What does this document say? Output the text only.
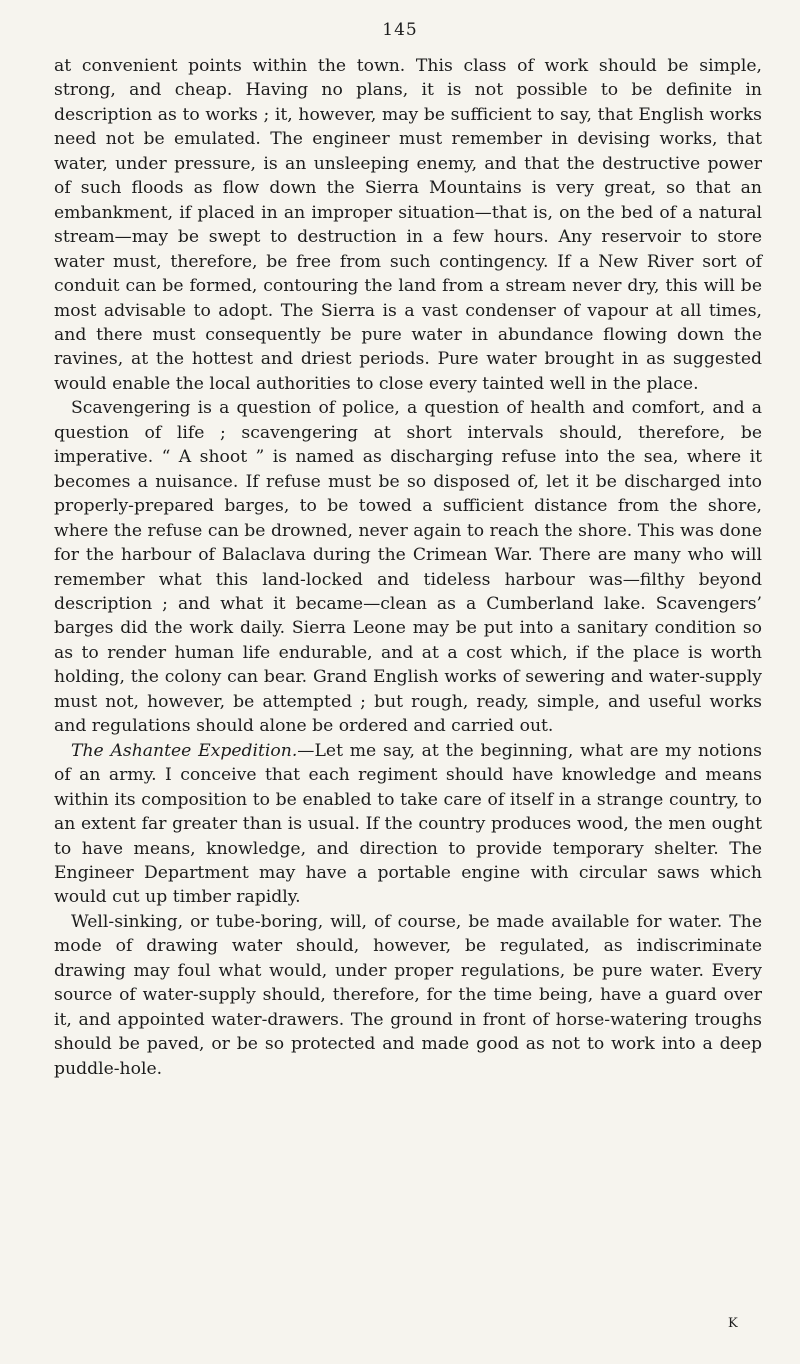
145

at convenient points within the town. This class of work should be simple, strong, and cheap. Having no plans, it is not possible to be definite in description as to works ; it, however, may be sufficient to say, that English works need not be emulated. The engineer must remember in devising works, that water, under pressure, is an unsleeping enemy, and that the destructive power of such floods as flow down the Sierra Mountains is very great, so that an embankment, if placed in an improper situation—that is, on the bed of a natural stream—may be swept to destruction in a few hours. Any reservoir to store water must, therefore, be free from such contingency. If a New River sort of conduit can be formed, contouring the land from a stream never dry, this will be most advisable to adopt. The Sierra is a vast condenser of vapour at all times, and there must consequently be pure water in abundance flowing down the ravines, at the hottest and driest periods. Pure water brought in as suggested would enable the local authorities to close every tainted well in the place.

Scavengering is a question of police, a question of health and comfort, and a question of life ; scavengering at short intervals should, therefore, be imperative. “ A shoot ” is named as discharging refuse into the sea, where it becomes a nuisance. If refuse must be so disposed of, let it be discharged into properly-prepared barges, to be towed a sufficient distance from the shore, where the refuse can be drowned, never again to reach the shore. This was done for the harbour of Balaclava during the Crimean War. There are many who will remember what this land-locked and tideless harbour was—filthy beyond description ; and what it became—clean as a Cumberland lake. Scavengers’ barges did the work daily. Sierra Leone may be put into a sanitary condition so as to render human life endurable, and at a cost which, if the place is worth holding, the colony can bear. Grand English works of sewering and water-supply must not, however, be attempted ; but rough, ready, simple, and useful works and regulations should alone be ordered and carried out.

The Ashantee Expedition.—Let me say, at the beginning, what are my notions of an army. I conceive that each regiment should have knowledge and means within its composition to be enabled to take care of itself in a strange country, to an extent far greater than is usual. If the country produces wood, the men ought to have means, knowledge, and direction to provide temporary shelter. The Engineer Department may have a portable engine with circular saws which would cut up timber rapidly.

Well-sinking, or tube-boring, will, of course, be made available for water. The mode of drawing water should, however, be regulated, as indiscriminate drawing may foul what would, under proper regulations, be pure water. Every source of water-supply should, therefore, for the time being, have a guard over it, and appointed water-drawers. The ground in front of horse-watering troughs should be paved, or be so protected and made good as not to work into a deep puddle-hole.

K
